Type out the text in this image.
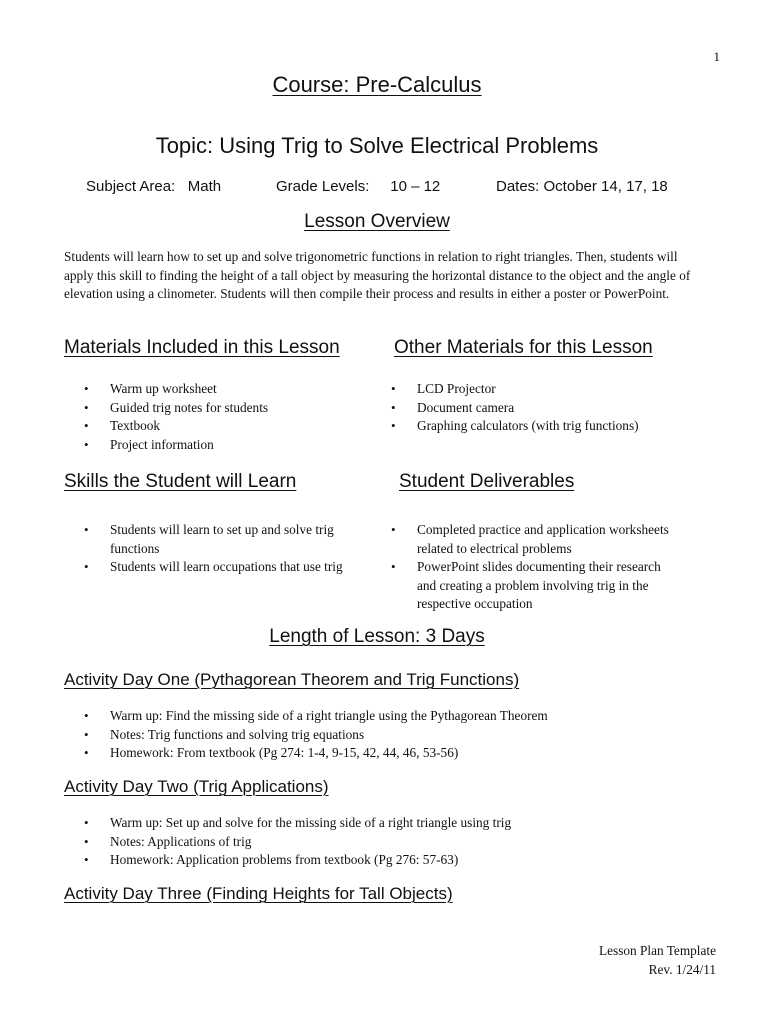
1
Course: Pre-Calculus
Topic: Using Trig to Solve Electrical Problems
Subject Area:   Math	Grade Levels:     10 – 12	Dates: October 14, 17, 18
Lesson Overview
Students will learn how to set up and solve trigonometric functions in relation to right triangles. Then, students will apply this skill to finding the height of a tall object by measuring the horizontal distance to the object and the angle of elevation using a clinometer. Students will then compile their process and results in either a poster or PowerPoint.
Materials Included in this Lesson	Other Materials for this Lesson
• Warm up worksheet
• Guided trig notes for students
• Textbook
• Project information
• LCD Projector
• Document camera
• Graphing calculators (with trig functions)
Skills the Student will Learn	Student Deliverables
• Students will learn to set up and solve trig functions
• Students will learn occupations that use trig
• Completed practice and application worksheets related to electrical problems
• PowerPoint slides documenting their research and creating a problem involving trig in the respective occupation
Length of Lesson: 3 Days
Activity Day One (Pythagorean Theorem and Trig Functions)
• Warm up: Find the missing side of a right triangle using the Pythagorean Theorem
• Notes: Trig functions and solving trig equations
• Homework: From textbook (Pg 274: 1-4, 9-15, 42, 44, 46, 53-56)
Activity Day Two (Trig Applications)
• Warm up: Set up and solve for the missing side of a right triangle using trig
• Notes: Applications of trig
• Homework: Application problems from textbook (Pg 276: 57-63)
Activity Day Three (Finding Heights for Tall Objects)
Lesson Plan Template
Rev. 1/24/11
